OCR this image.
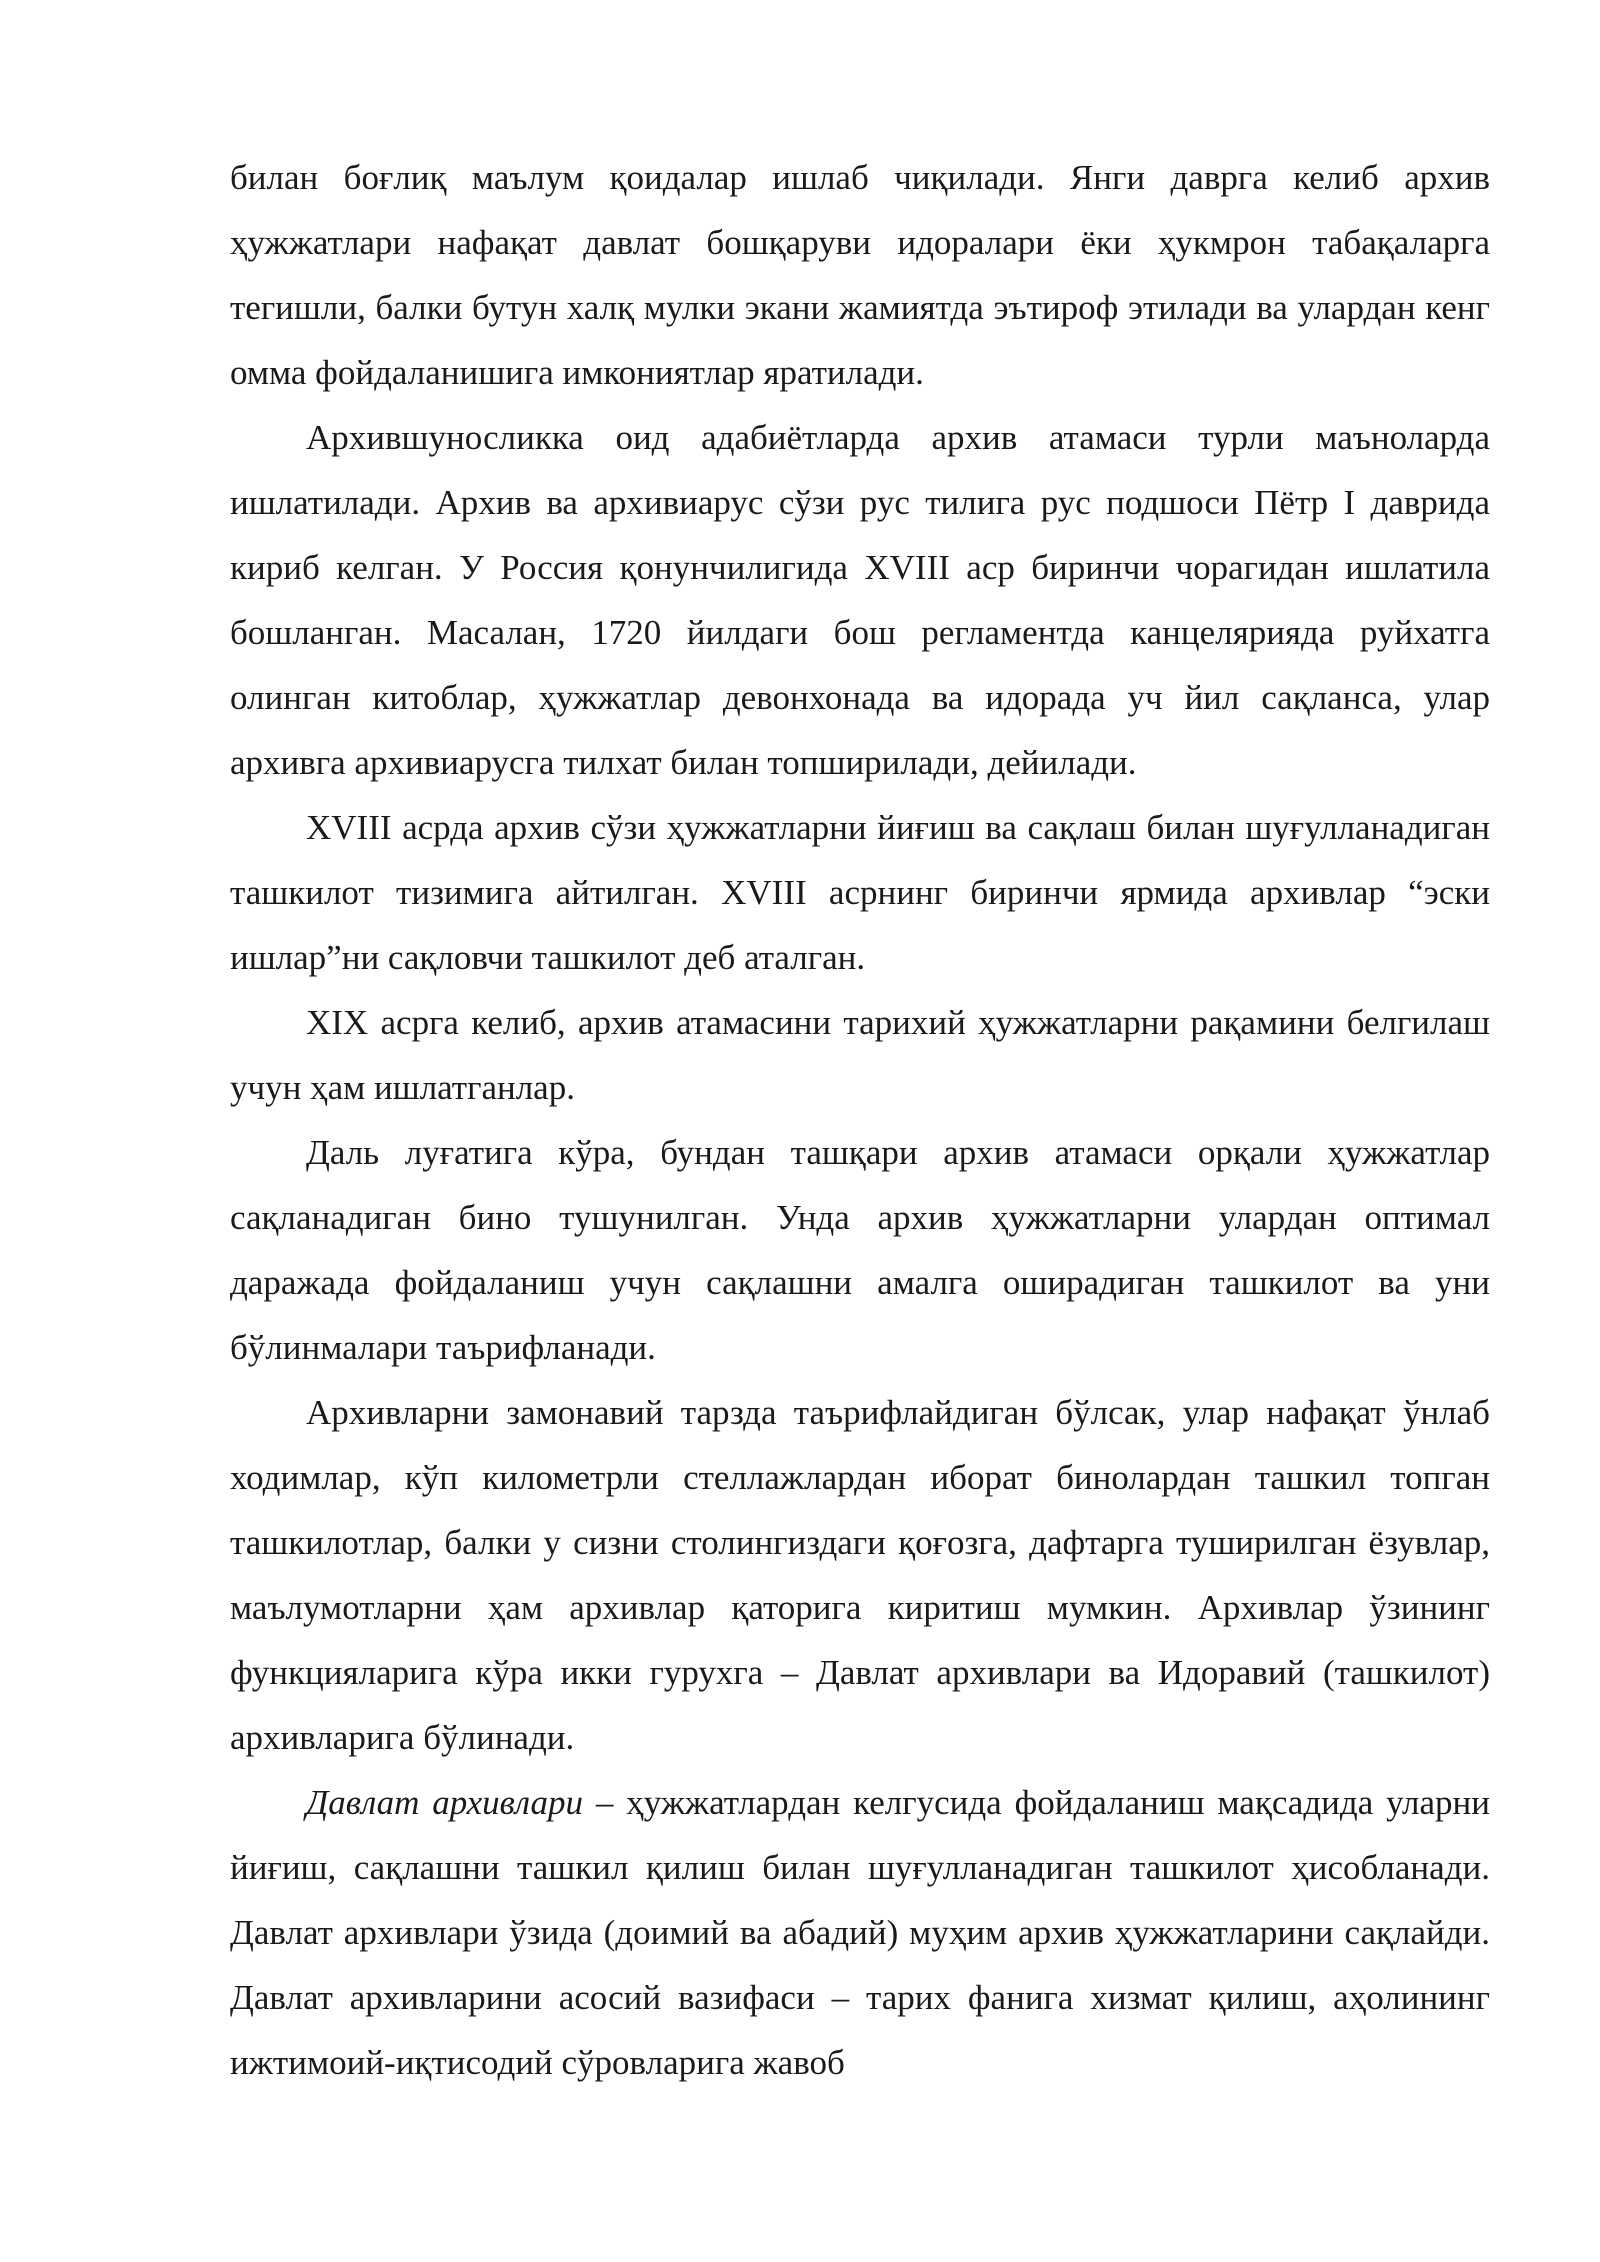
билан боғлиқ маълум қоидалар ишлаб чиқилади. Янги даврга келиб архив ҳужжатлари нафақат давлат бошқаруви идоралари ёки ҳукмрон табақаларга тегишли, балки бутун халқ мулки экани жамиятда эътироф этилади ва улардан кенг омма фойдаланишига имкониятлар яратилади.

Архившуносликка оид адабиётларда архив атамаси турли маъноларда ишлатилади. Архив ва архивиарус сўзи рус тилига рус подшоси Пётр I даврида кириб келган. У Россия қонунчилигида XVIII аср биринчи чорагидан ишлатила бошланган. Масалан, 1720 йилдаги бош регламентда канцелярияда руйхатга олинган китоблар, ҳужжатлар девонхонада ва идорада уч йил сақланса, улар архивга архивиарусга тилхат билан топширилади, дейилади.

XVIII асрда архив сўзи ҳужжатларни йиғиш ва сақлаш билан шуғулланадиган ташкилот тизимига айтилган. XVIII асрнинг биринчи ярмида архивлар “эски ишлар”ни сақловчи ташкилот деб аталган.

XIX асрга келиб, архив атамасини тарихий ҳужжатларни рақамини белгилаш учун ҳам ишлатганлар.

Даль луғатига кўра, бундан ташқари архив атамаси орқали ҳужжатлар сақланадиган бино тушунилган. Унда архив ҳужжатларни улардан оптимал даражада фойдаланиш учун сақлашни амалга оширадиган ташкилот ва уни бўлинмалари таърифланади.

Архивларни замонавий тарзда таърифлайдиган бўлсак, улар нафақат ўнлаб ходимлар, кўп километрли стеллажлардан иборат бинолардан ташкил топган ташкилотлар, балки у сизни столингиздаги қоғозга, дафтарга туширилган ёзувлар, маълумотларни ҳам архивлар қаторига киритиш мумкин. Архивлар ўзининг функцияларига кўра икки гурухга – Давлат архивлари ва Идоравий (ташкилот) архивларига бўлинади.

Давлат архивлари – ҳужжатлардан келгусида фойдаланиш мақсадида уларни йиғиш, сақлашни ташкил қилиш билан шуғулланадиган ташкилот ҳисобланади. Давлат архивлари ўзида (доимий ва абадий) муҳим архив ҳужжатларини сақлайди. Давлат архивларини асосий вазифаси – тарих фанига хизмат қилиш, аҳолининг ижтимоий-иқтисодий сўровларига жавоб
